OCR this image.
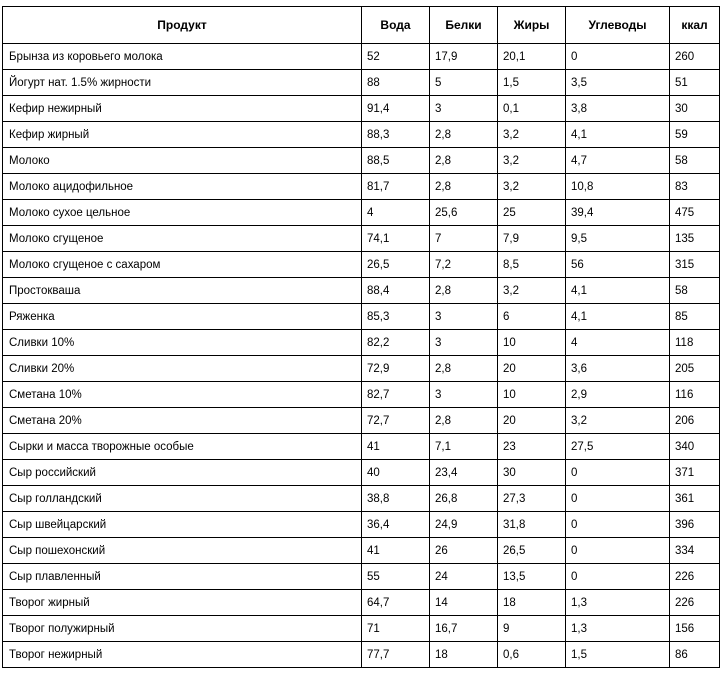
Продукт	Вода	Белки	Жиры	Углеводы	ккал

Брынза из коровьего молока	52	17,9	20,1	0	260
Йогурт нат. 1.5% жирности	88	5	1,5	3,5	51
Кефир нежирный	91,4	3	0,1	3,8	30
Кефир жирный	88,3	2,8	3,2	4,1	59
Молоко	88,5	2,8	3,2	4,7	58
Молоко ацидофильное	81,7	2,8	3,2	10,8	83
Молоко сухое цельное	4	25,6	25	39,4	475
Молоко сгущеное	74,1	7	7,9	9,5	135
Молоко сгущеное с сахаром	26,5	7,2	8,5	56	315
Простокваша	88,4	2,8	3,2	4,1	58
Ряженка	85,3	3	6	4,1	85
Сливки 10%	82,2	3	10	4	118
Сливки 20%	72,9	2,8	20	3,6	205
Сметана 10%	82,7	3	10	2,9	116
Сметана 20%	72,7	2,8	20	3,2	206
Сырки и масса творожные особые	41	7,1	23	27,5	340
Сыр российский	40	23,4	30	0	371
Сыр голландский	38,8	26,8	27,3	0	361
Сыр швейцарский	36,4	24,9	31,8	0	396
Сыр пошехонский	41	26	26,5	0	334
Сыр плавленный	55	24	13,5	0	226
Творог жирный	64,7	14	18	1,3	226
Творог полужирный	71	16,7	9	1,3	156
Творог нежирный	77,7	18	0,6	1,5	86
